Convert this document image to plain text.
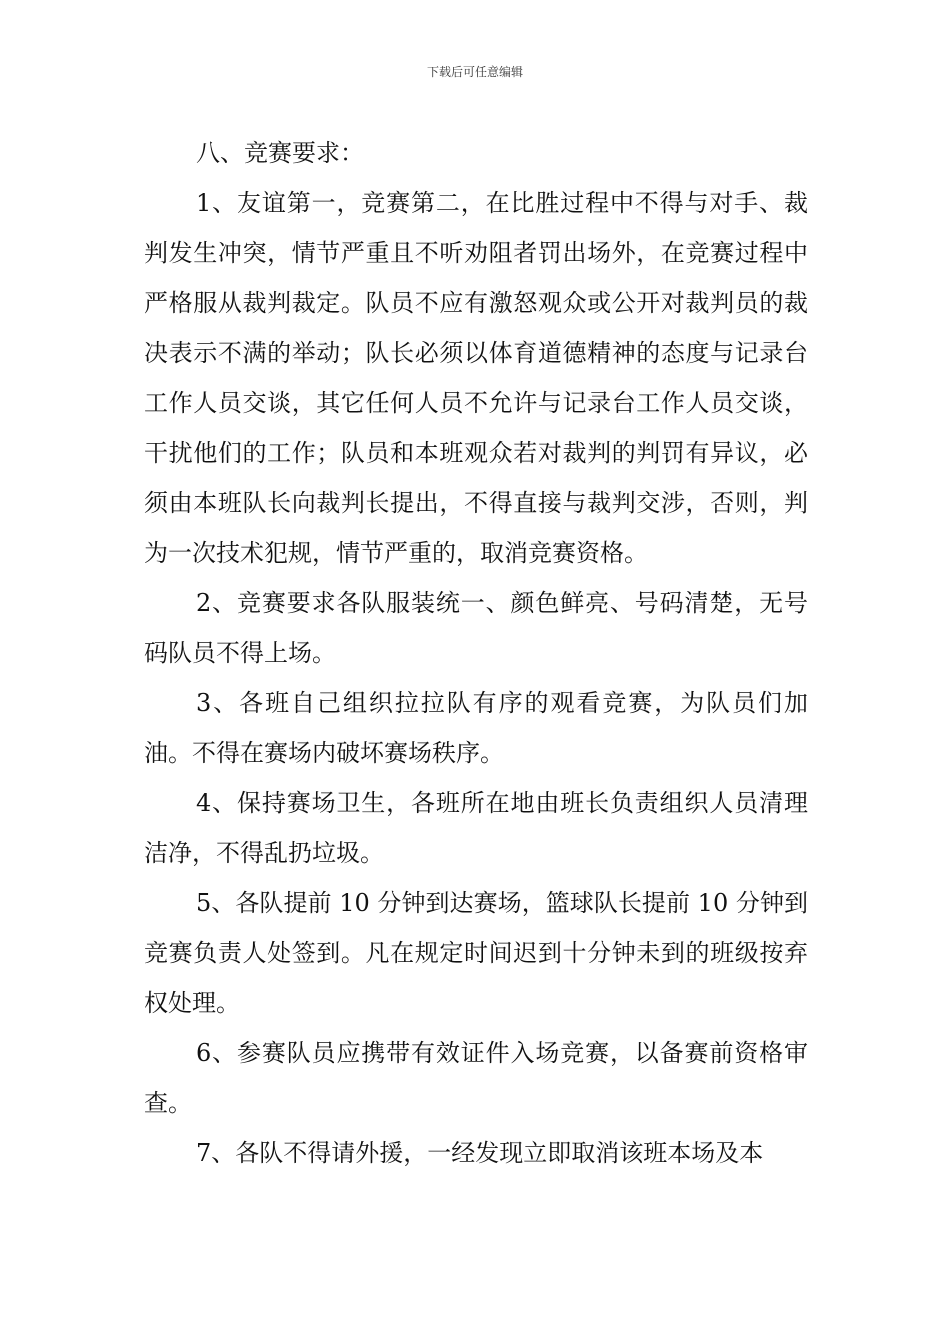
下载后可任意编辑
八、竞赛要求：

1、友谊第一，竞赛第二，在比胜过程中不得与对手、裁判发生冲突，情节严重且不听劝阻者罚出场外，在竞赛过程中严格服从裁判裁定。队员不应有激怒观众或公开对裁判员的裁决表示不满的举动；队长必须以体育道德精神的态度与记录台工作人员交谈，其它任何人员不允许与记录台工作人员交谈，干扰他们的工作；队员和本班观众若对裁判的判罚有异议，必须由本班队长向裁判长提出，不得直接与裁判交涉，否则，判为一次技术犯规，情节严重的，取消竞赛资格。

2、竞赛要求各队服装统一、颜色鲜亮、号码清楚，无号码队员不得上场。

3、各班自己组织拉拉队有序的观看竞赛，为队员们加油。不得在赛场内破坏赛场秩序。

4、保持赛场卫生，各班所在地由班长负责组织人员清理洁净，不得乱扔垃圾。

5、各队提前 10 分钟到达赛场，篮球队长提前 10 分钟到竞赛负责人处签到。凡在规定时间迟到十分钟未到的班级按弃权处理。

6、参赛队员应携带有效证件入场竞赛，以备赛前资格审查。

7、各队不得请外援，一经发现立即取消该班本场及本
